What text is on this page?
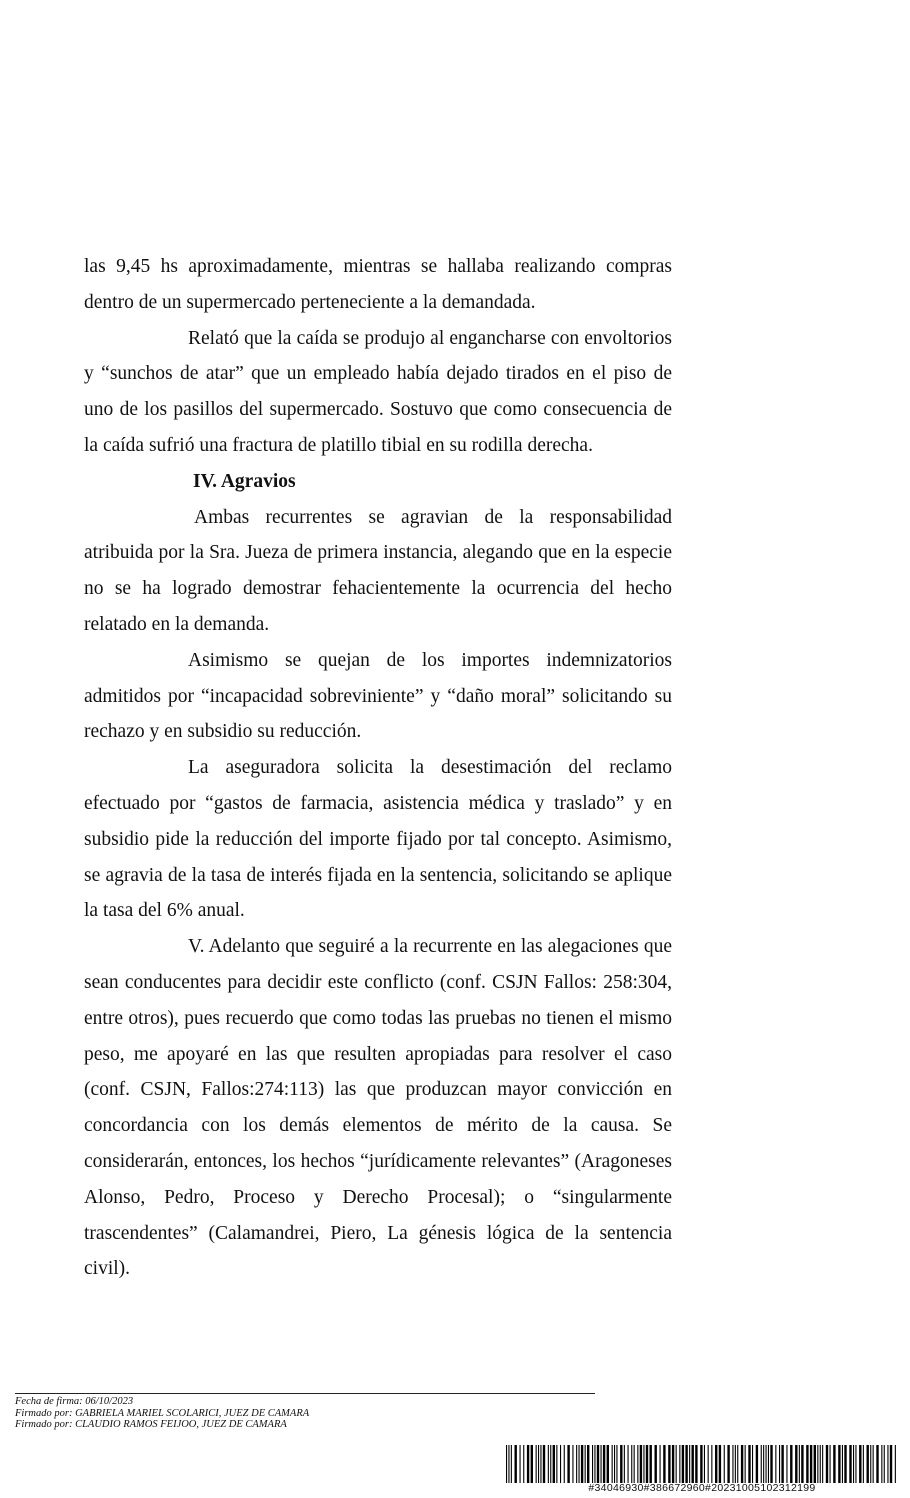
las 9,45 hs aproximadamente, mientras se hallaba realizando compras dentro de un supermercado perteneciente a la demandada.

Relató que la caída se produjo al engancharse con envoltorios y “sunchos de atar” que un empleado había dejado tirados en el piso de uno de los pasillos del supermercado. Sostuvo que como consecuencia de la caída sufrió una fractura de platillo tibial en su rodilla derecha.

IV. Agravios

Ambas recurrentes se agravian de la responsabilidad atribuida por la Sra. Jueza de primera instancia, alegando que en la especie no se ha logrado demostrar fehacientemente la ocurrencia del hecho relatado en la demanda.

Asimismo se quejan de los importes indemnizatorios admitidos por “incapacidad sobreviniente” y “daño moral” solicitando su rechazo y en subsidio su reducción.

La aseguradora solicita la desestimación del reclamo efectuado por “gastos de farmacia, asistencia médica y traslado” y en subsidio pide la reducción del importe fijado por tal concepto. Asimismo, se agravia de la tasa de interés fijada en la sentencia, solicitando se aplique la tasa del 6% anual.

V. Adelanto que seguiré a la recurrente en las alegaciones que sean conducentes para decidir este conflicto (conf. CSJN Fallos: 258:304, entre otros), pues recuerdo que como todas las pruebas no tienen el mismo peso, me apoyaré en las que resulten apropiadas para resolver el caso (conf. CSJN, Fallos:274:113) las que produzcan mayor convicción en concordancia con los demás elementos de mérito de la causa. Se considerarán, entonces, los hechos “jurídicamente relevantes” (Aragoneses Alonso, Pedro, Proceso y Derecho Procesal); o “singularmente trascendentes” (Calamandrei, Piero, La génesis lógica de la sentencia civil).

Fecha de firma: 06/10/2023
Firmado por: GABRIELA MARIEL SCOLARICI, JUEZ DE CAMARA
Firmado por: CLAUDIO RAMOS FEIJOO, JUEZ DE CAMARA
#34046930#386672960#20231005102312199
